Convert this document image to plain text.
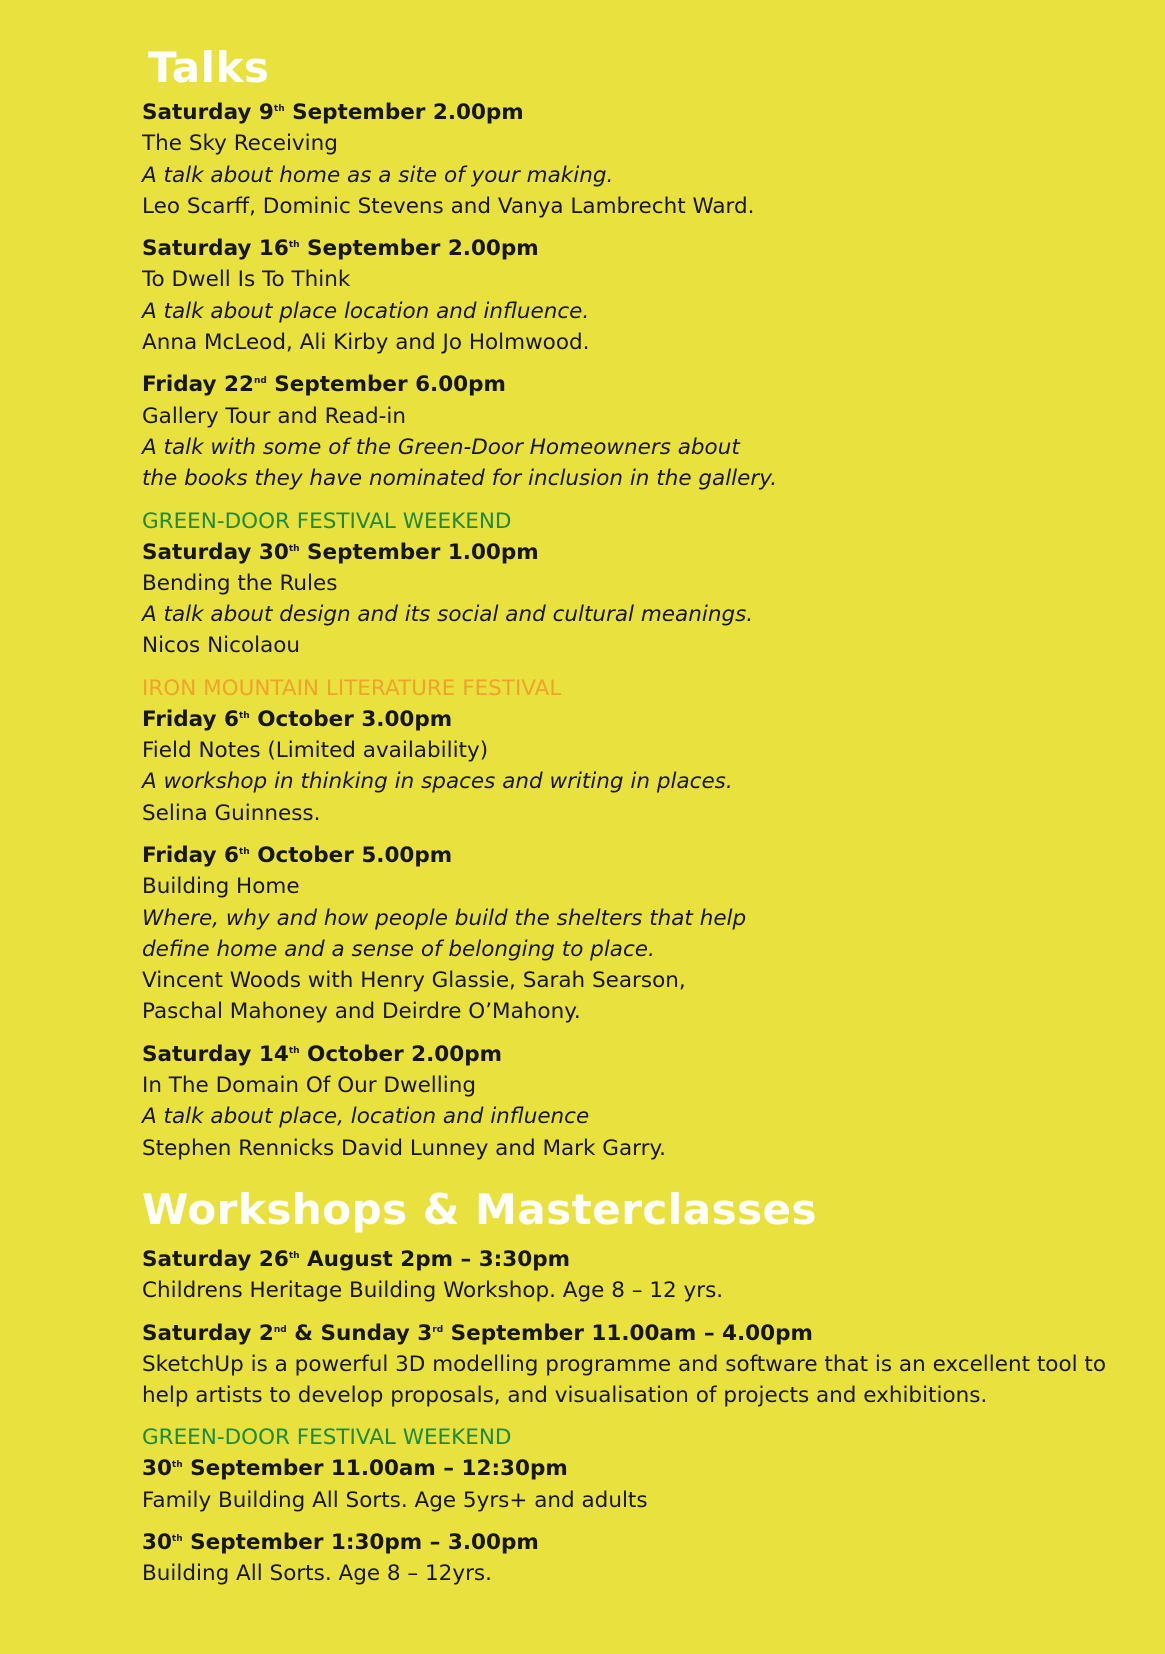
Talks
Saturday 9th September 2.00pm
The Sky Receiving
A talk about home as a site of your making.
Leo Scarff, Dominic Stevens and Vanya Lambrecht Ward.
Saturday 16th September 2.00pm
To Dwell Is To Think
A talk about place location and influence.
Anna McLeod, Ali Kirby and Jo Holmwood.
Friday 22nd September 6.00pm
Gallery Tour and Read-in
A talk with some of the Green-Door Homeowners about
the books they have nominated for inclusion in the gallery.
GREEN-DOOR FESTIVAL WEEKEND
Saturday 30th September 1.00pm
Bending the Rules
A talk about design and its social and cultural meanings.
Nicos Nicolaou
IRON MOUNTAIN LITERATURE FESTIVAL
Friday 6th October 3.00pm
Field Notes (Limited availability)
A workshop in thinking in spaces and writing in places.
Selina Guinness.
Friday 6th October 5.00pm
Building Home
Where, why and how people build the shelters that help
define home and a sense of belonging to place.
Vincent Woods with Henry Glassie, Sarah Searson,
Paschal Mahoney and Deirdre O’Mahony.
Saturday 14th October 2.00pm
In The Domain Of Our Dwelling
A talk about place, location and influence
Stephen Rennicks David Lunney and Mark Garry.
Workshops & Masterclasses
Saturday 26th August 2pm – 3:30pm
Childrens Heritage Building Workshop. Age 8 – 12 yrs.
Saturday 2nd & Sunday 3rd September 11.00am – 4.00pm
SketchUp is a powerful 3D modelling programme and software that is an excellent tool to
help artists to develop proposals, and visualisation of projects and exhibitions.
GREEN-DOOR FESTIVAL WEEKEND
30th September 11.00am – 12:30pm
Family Building All Sorts. Age 5yrs+ and adults
30th September 1:30pm – 3.00pm
Building All Sorts. Age 8 – 12yrs.
